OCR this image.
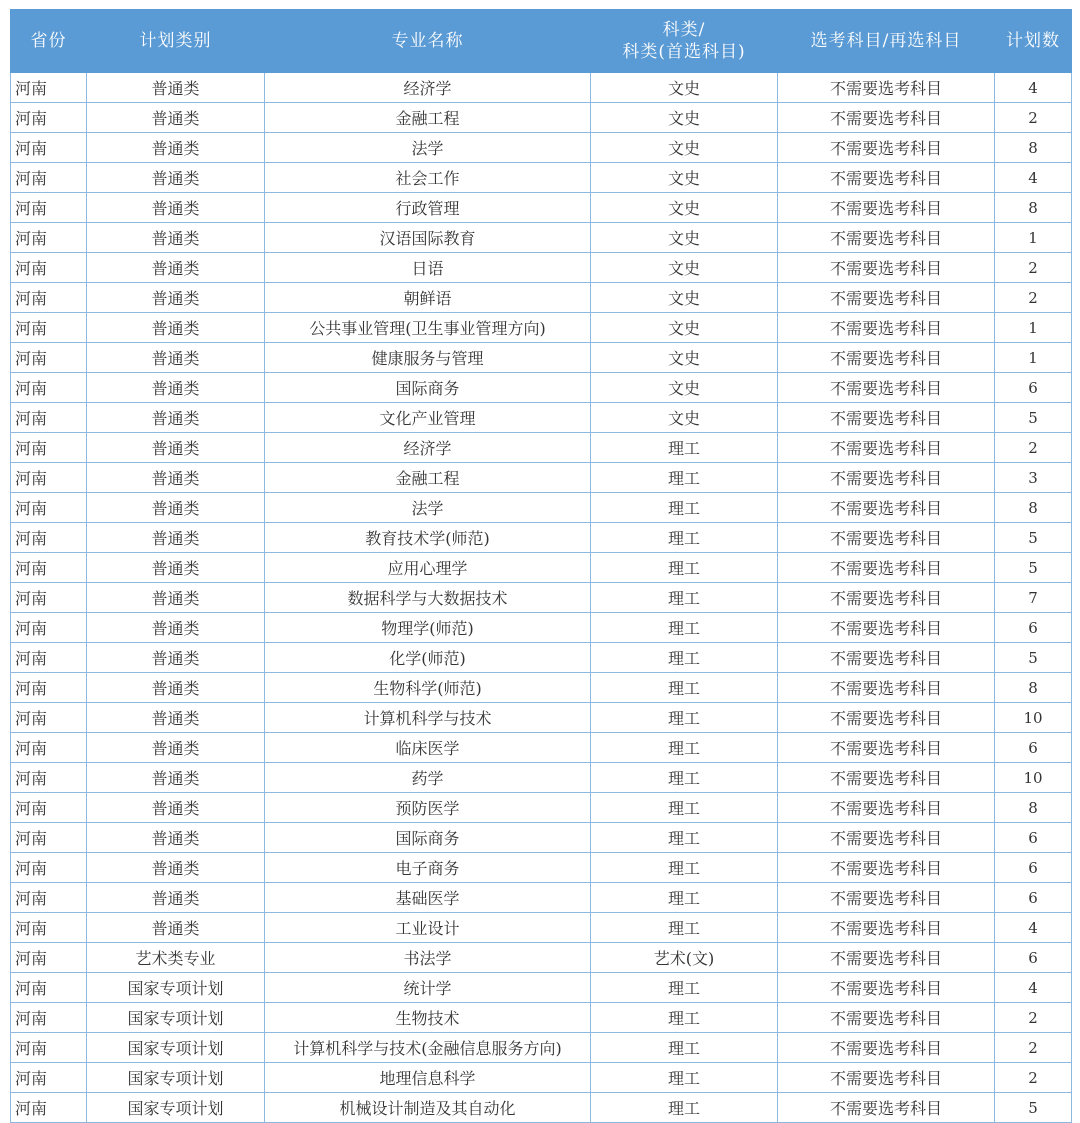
省份	计划类别	专业名称	科类/
科类(首选科目)	选考科目/再选科目	计划数
河南	普通类	经济学	文史	不需要选考科目	4
河南	普通类	金融工程	文史	不需要选考科目	2
河南	普通类	法学	文史	不需要选考科目	8
河南	普通类	社会工作	文史	不需要选考科目	4
河南	普通类	行政管理	文史	不需要选考科目	8
河南	普通类	汉语国际教育	文史	不需要选考科目	1
河南	普通类	日语	文史	不需要选考科目	2
河南	普通类	朝鲜语	文史	不需要选考科目	2
河南	普通类	公共事业管理(卫生事业管理方向)	文史	不需要选考科目	1
河南	普通类	健康服务与管理	文史	不需要选考科目	1
河南	普通类	国际商务	文史	不需要选考科目	6
河南	普通类	文化产业管理	文史	不需要选考科目	5
河南	普通类	经济学	理工	不需要选考科目	2
河南	普通类	金融工程	理工	不需要选考科目	3
河南	普通类	法学	理工	不需要选考科目	8
河南	普通类	教育技术学(师范)	理工	不需要选考科目	5
河南	普通类	应用心理学	理工	不需要选考科目	5
河南	普通类	数据科学与大数据技术	理工	不需要选考科目	7
河南	普通类	物理学(师范)	理工	不需要选考科目	6
河南	普通类	化学(师范)	理工	不需要选考科目	5
河南	普通类	生物科学(师范)	理工	不需要选考科目	8
河南	普通类	计算机科学与技术	理工	不需要选考科目	10
河南	普通类	临床医学	理工	不需要选考科目	6
河南	普通类	药学	理工	不需要选考科目	10
河南	普通类	预防医学	理工	不需要选考科目	8
河南	普通类	国际商务	理工	不需要选考科目	6
河南	普通类	电子商务	理工	不需要选考科目	6
河南	普通类	基础医学	理工	不需要选考科目	6
河南	普通类	工业设计	理工	不需要选考科目	4
河南	艺术类专业	书法学	艺术(文)	不需要选考科目	6
河南	国家专项计划	统计学	理工	不需要选考科目	4
河南	国家专项计划	生物技术	理工	不需要选考科目	2
河南	国家专项计划	计算机科学与技术(金融信息服务方向)	理工	不需要选考科目	2
河南	国家专项计划	地理信息科学	理工	不需要选考科目	2
河南	国家专项计划	机械设计制造及其自动化	理工	不需要选考科目	5
